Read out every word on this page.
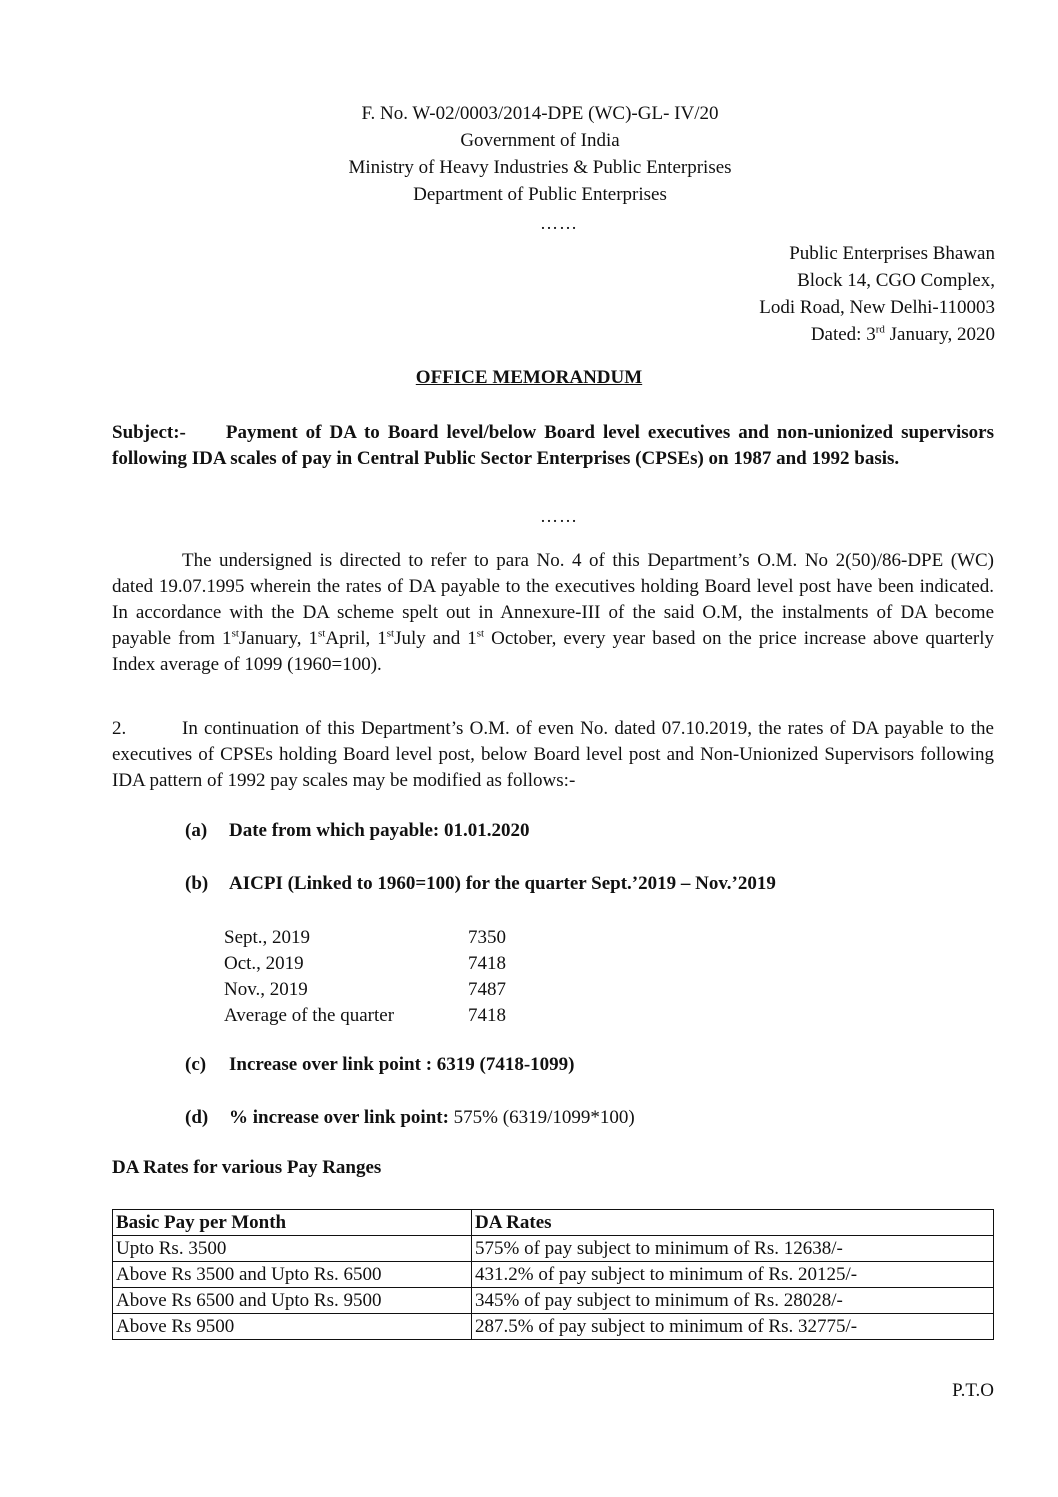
F. No. W-02/0003/2014-DPE (WC)-GL- IV/20
Government of India
Ministry of Heavy Industries & Public Enterprises
Department of Public Enterprises
……
Public Enterprises Bhawan
Block 14, CGO Complex,
Lodi Road, New Delhi-110003
Dated: 3rd January, 2020
OFFICE MEMORANDUM
Subject:- Payment of DA to Board level/below Board level executives and non-unionized supervisors following IDA scales of pay in Central Public Sector Enterprises (CPSEs) on 1987 and 1992 basis.
……
The undersigned is directed to refer to para No. 4 of this Department’s O.M. No 2(50)/86-DPE (WC) dated 19.07.1995 wherein the rates of DA payable to the executives holding Board level post have been indicated. In accordance with the DA scheme spelt out in Annexure-III of the said O.M, the instalments of DA become payable from 1stJanuary, 1stApril, 1stJuly and 1st October, every year based on the price increase above quarterly Index average of 1099 (1960=100).
2.	In continuation of this Department’s O.M. of even No. dated 07.10.2019, the rates of DA payable to the executives of CPSEs holding Board level post, below Board level post and Non-Unionized Supervisors following IDA pattern of 1992 pay scales may be modified as follows:-
(a) Date from which payable: 01.01.2020
(b) AICPI (Linked to 1960=100) for the quarter Sept.’2019 – Nov.’2019
Sept., 2019	7350
Oct., 2019	7418
Nov., 2019	7487
Average of the quarter	7418
(c) Increase over link point : 6319 (7418-1099)
(d) % increase over link point: 575% (6319/1099*100)
DA Rates for various Pay Ranges
Basic Pay per Month	DA Rates
Upto Rs. 3500	575% of pay subject to minimum of Rs. 12638/-
Above Rs 3500 and Upto Rs. 6500	431.2% of pay subject to minimum of Rs. 20125/-
Above Rs 6500 and Upto Rs. 9500	345% of pay subject to minimum of Rs. 28028/-
Above Rs 9500	287.5% of pay subject to minimum of Rs. 32775/-
P.T.O
